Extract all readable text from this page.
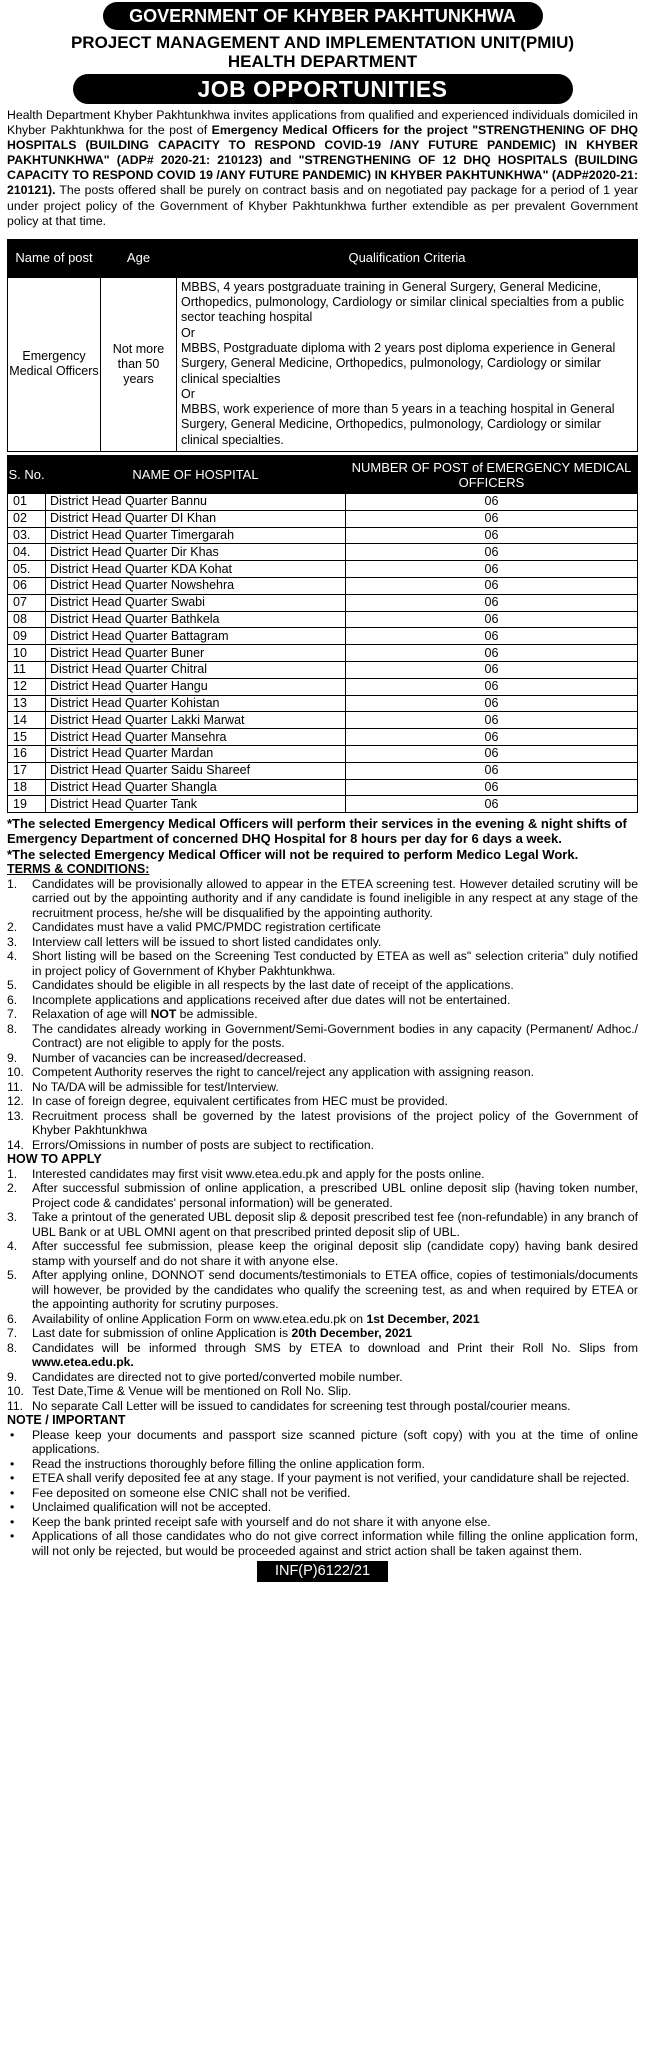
GOVERNMENT OF KHYBER PAKHTUNKHWA
PROJECT MANAGEMENT AND IMPLEMENTATION UNIT(PMIU)
HEALTH DEPARTMENT
JOB OPPORTUNITIES

Health Department Khyber Pakhtunkhwa invites applications from qualified and experienced individuals domiciled in Khyber Pakhtunkhwa for the post of Emergency Medical Officers for the project "STRENGTHENING OF DHQ HOSPITALS (BUILDING CAPACITY TO RESPOND COVID-19 /ANY FUTURE PANDEMIC) IN KHYBER PAKHTUNKHWA" (ADP# 2020-21: 210123) and "STRENGTHENING OF 12 DHQ HOSPITALS (BUILDING CAPACITY TO RESPOND COVID 19 /ANY FUTURE PANDEMIC) IN KHYBER PAKHTUNKHWA" (ADP#2020-21: 210121). The posts offered shall be purely on contract basis and on negotiated pay package for a period of 1 year under project policy of the Government of Khyber Pakhtunkhwa further extendible as per prevalent Government policy at that time.

Name of post	Age	Qualification Criteria
Emergency Medical Officers	Not more than 50 years	MBBS, 4 years postgraduate training in General Surgery, General Medicine, Orthopedics, pulmonology, Cardiology or similar clinical specialties from a public sector teaching hospital
Or
MBBS, Postgraduate diploma with 2 years post diploma experience in General Surgery, General Medicine, Orthopedics, pulmonology, Cardiology or similar clinical specialties
Or
MBBS, work experience of more than 5 years in a teaching hospital in General Surgery, General Medicine, Orthopedics, pulmonology, Cardiology or similar clinical specialties.
S. No.	NAME OF HOSPITAL	NUMBER OF POST of EMERGENCY MEDICAL OFFICERS
01	District Head Quarter Bannu	06
02	District Head Quarter DI Khan	06
03.	District Head Quarter Timergarah	06
04.	District Head Quarter Dir Khas	06
05.	District Head Quarter KDA Kohat	06
06	District Head Quarter Nowshehra	06
07	District Head Quarter Swabi	06
08	District Head Quarter Bathkela	06
09	District Head Quarter Battagram	06
10	District Head Quarter Buner	06
11	District Head Quarter Chitral	06
12	District Head Quarter Hangu	06
13	District Head Quarter Kohistan	06
14	District Head Quarter Lakki Marwat	06
15	District Head Quarter Mansehra	06
16	District Head Quarter Mardan	06
17	District Head Quarter Saidu Shareef	06
18	District Head Quarter Shangla	06
19	District Head Quarter Tank	06
*The selected Emergency Medical Officers will perform their services in the evening & night shifts of Emergency Department of concerned DHQ Hospital for 8 hours per day for 6 days a week.
*The selected Emergency Medical Officer will not be required to perform Medico Legal Work.
TERMS & CONDITIONS:
1.	Candidates will be provisionally allowed to appear in the ETEA screening test. However detailed scrutiny will be carried out by the appointing authority and if any candidate is found ineligible in any respect at any stage of the recruitment process, he/she will be disqualified by the appointing authority.
2.	Candidates must have a valid PMC/PMDC registration certificate
3.	Interview call letters will be issued to short listed candidates only.
4.	Short listing will be based on the Screening Test conducted by ETEA as well as" selection criteria" duly notified in project policy of Government of Khyber Pakhtunkhwa.
5.	Candidates should be eligible in all respects by the last date of receipt of the applications.
6.	Incomplete applications and applications received after due dates will not be entertained.
7.	Relaxation of age will NOT be admissible.
8.	The candidates already working in Government/Semi-Government bodies in any capacity (Permanent/ Adhoc./ Contract) are not eligible to apply for the posts.
9.	Number of vacancies can be increased/decreased.
10. Competent Authority reserves the right to cancel/reject any application with assigning reason.
11. No TA/DA will be admissible for test/Interview.
12. In case of foreign degree, equivalent certificates from HEC must be provided.
13. Recruitment process shall be governed by the latest provisions of the project policy of the Government of Khyber Pakhtunkhwa
14. Errors/Omissions in number of posts are subject to rectification.
HOW TO APPLY
1.	Interested candidates may first visit www.etea.edu.pk and apply for the posts online.
2.	After successful submission of online application, a prescribed UBL online deposit slip (having token number, Project code & candidates' personal information) will be generated.
3.	Take a printout of the generated UBL deposit slip & deposit prescribed test fee (non-refundable) in any branch of UBL Bank or at UBL OMNI agent on that prescribed printed deposit slip of UBL.
4.	After successful fee submission, please keep the original deposit slip (candidate copy) having bank desired stamp with yourself and do not share it with anyone else.
5.	After applying online, DONNOT send documents/testimonials to ETEA office, copies of testimonials/documents will however, be provided by the candidates who qualify the screening test, as and when required by ETEA or the appointing authority for scrutiny purposes.
6.	Availability of online Application Form on www.etea.edu.pk on 1st December, 2021
7.	Last date for submission of online Application is 20th December, 2021
8.	Candidates will be informed through SMS by ETEA to download and Print their Roll No. Slips from www.etea.edu.pk.
9.	Candidates are directed not to give ported/converted mobile number.
10. Test Date,Time & Venue will be mentioned on Roll No. Slip.
11. No separate Call Letter will be issued to candidates for screening test through postal/courier means.
NOTE / IMPORTANT
• Please keep your documents and passport size scanned picture (soft copy) with you at the time of online applications.
• Read the instructions thoroughly before filling the online application form.
• ETEA shall verify deposited fee at any stage. If your payment is not verified, your candidature shall be rejected.
• Fee deposited on someone else CNIC shall not be verified.
• Unclaimed qualification will not be accepted.
• Keep the bank printed receipt safe with yourself and do not share it with anyone else.
• Applications of all those candidates who do not give correct information while filling the online application form, will not only be rejected, but would be proceeded against and strict action shall be taken against them.
INF(P)6122/21
